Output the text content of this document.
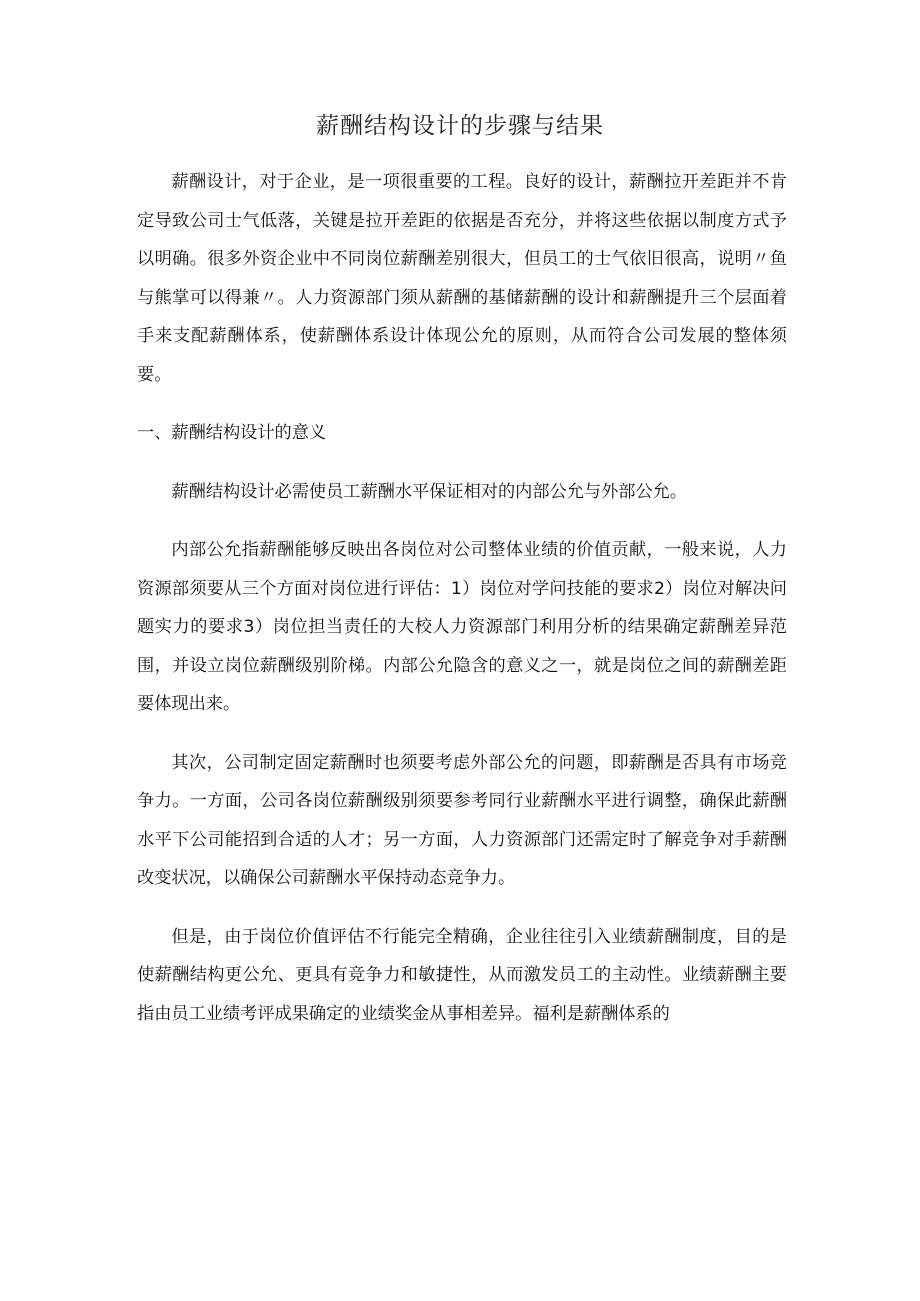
薪酬结构设计的步骤与结果

薪酬设计，对于企业，是一项很重要的工程。良好的设计，薪酬拉开差距并不肯定导致公司士气低落，关键是拉开差距的依据是否充分，并将这些依据以制度方式予以明确。很多外资企业中不同岗位薪酬差别很大，但员工的士气依旧很高，说明〃鱼与熊掌可以得兼〃。人力资源部门须从薪酬的基储薪酬的设计和薪酬提升三个层面着手来支配薪酬体系，使薪酬体系设计体现公允的原则，从而符合公司发展的整体须要。

一、薪酬结构设计的意义

薪酬结构设计必需使员工薪酬水平保证相对的内部公允与外部公允。

内部公允指薪酬能够反映出各岗位对公司整体业绩的价值贡献，一般来说，人力资源部须要从三个方面对岗位进行评估：1）岗位对学问技能的要求2）岗位对解决问题实力的要求3）岗位担当责任的大校人力资源部门利用分析的结果确定薪酬差异范围，并设立岗位薪酬级别阶梯。内部公允隐含的意义之一，就是岗位之间的薪酬差距要体现出来。

其次，公司制定固定薪酬时也须要考虑外部公允的问题，即薪酬是否具有市场竞争力。一方面，公司各岗位薪酬级别须要参考同行业薪酬水平进行调整，确保此薪酬水平下公司能招到合适的人才；另一方面，人力资源部门还需定时了解竞争对手薪酬改变状况，以确保公司薪酬水平保持动态竞争力。

但是，由于岗位价值评估不行能完全精确，企业往往引入业绩薪酬制度，目的是使薪酬结构更公允、更具有竞争力和敏捷性，从而激发员工的主动性。业绩薪酬主要指由员工业绩考评成果确定的业绩奖金从事相差异。福利是薪酬体系的
